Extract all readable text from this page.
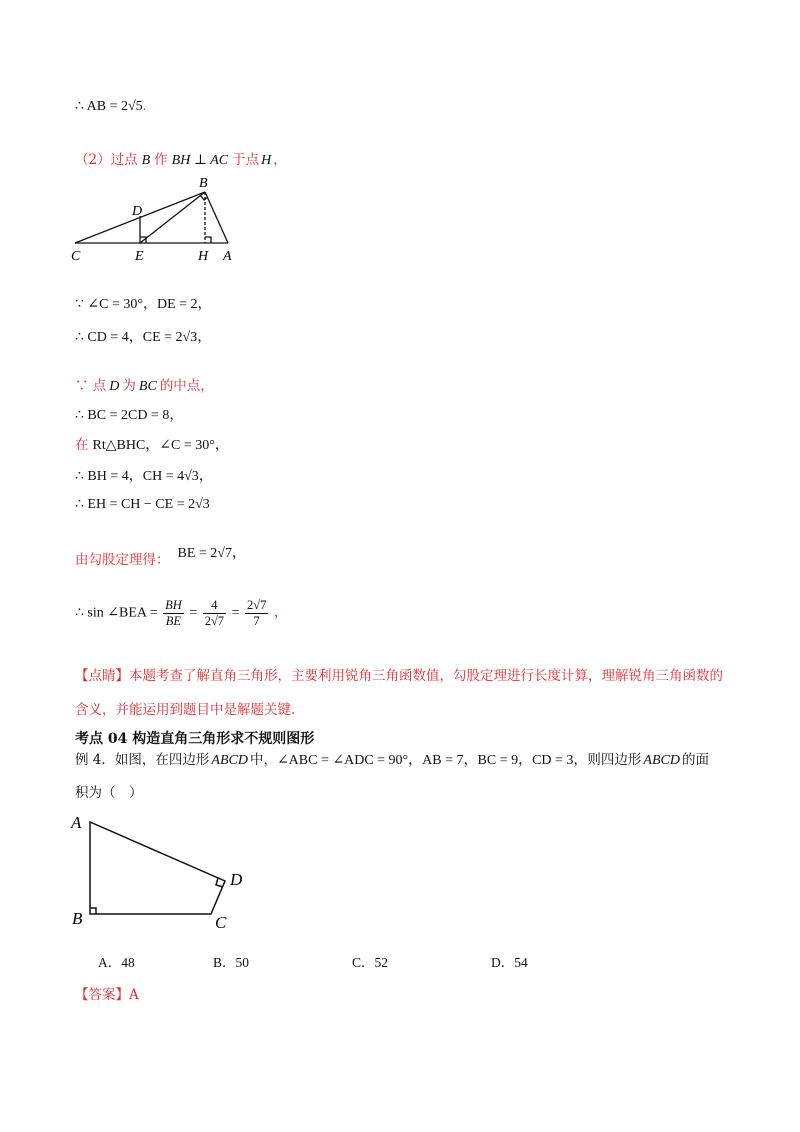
∴ AB = 2√5.
（2）过点 B 作 BH ⊥ AC 于点 H ，
B
D
C	E	H A
∵ ∠C = 30°，DE = 2，
∴ CD = 4，CE = 2√3，
∵ 点 D 为 BC 的中点，
∴ BC = 2CD = 8，
在 Rt△BHC，∠C = 30°，
∴ BH = 4，CH = 4√3，
∴ EH = CH − CE = 2√3
由勾股定理得： BE = 2√7，
∴ sin ∠BEA = $\frac{BH}{BE} = \frac{4}{2√7} = \frac{2√7}{7}$ ，
【点睛】本题考查了解直角三角形，主要利用锐角三角函数值，勾股定理进行长度计算，理解锐角三角函数的含义，并能运用到题目中是解题关键.
考点 04 构造直角三角形求不规则图形
例 4．如图，在四边形 ABCD 中，∠ABC = ∠ADC = 90°，AB = 7，BC = 9，CD = 3，则四边形 ABCD 的面
积为（　）
A
B	C
D
A．48	B．50	C．52	D．54
【答案】A
